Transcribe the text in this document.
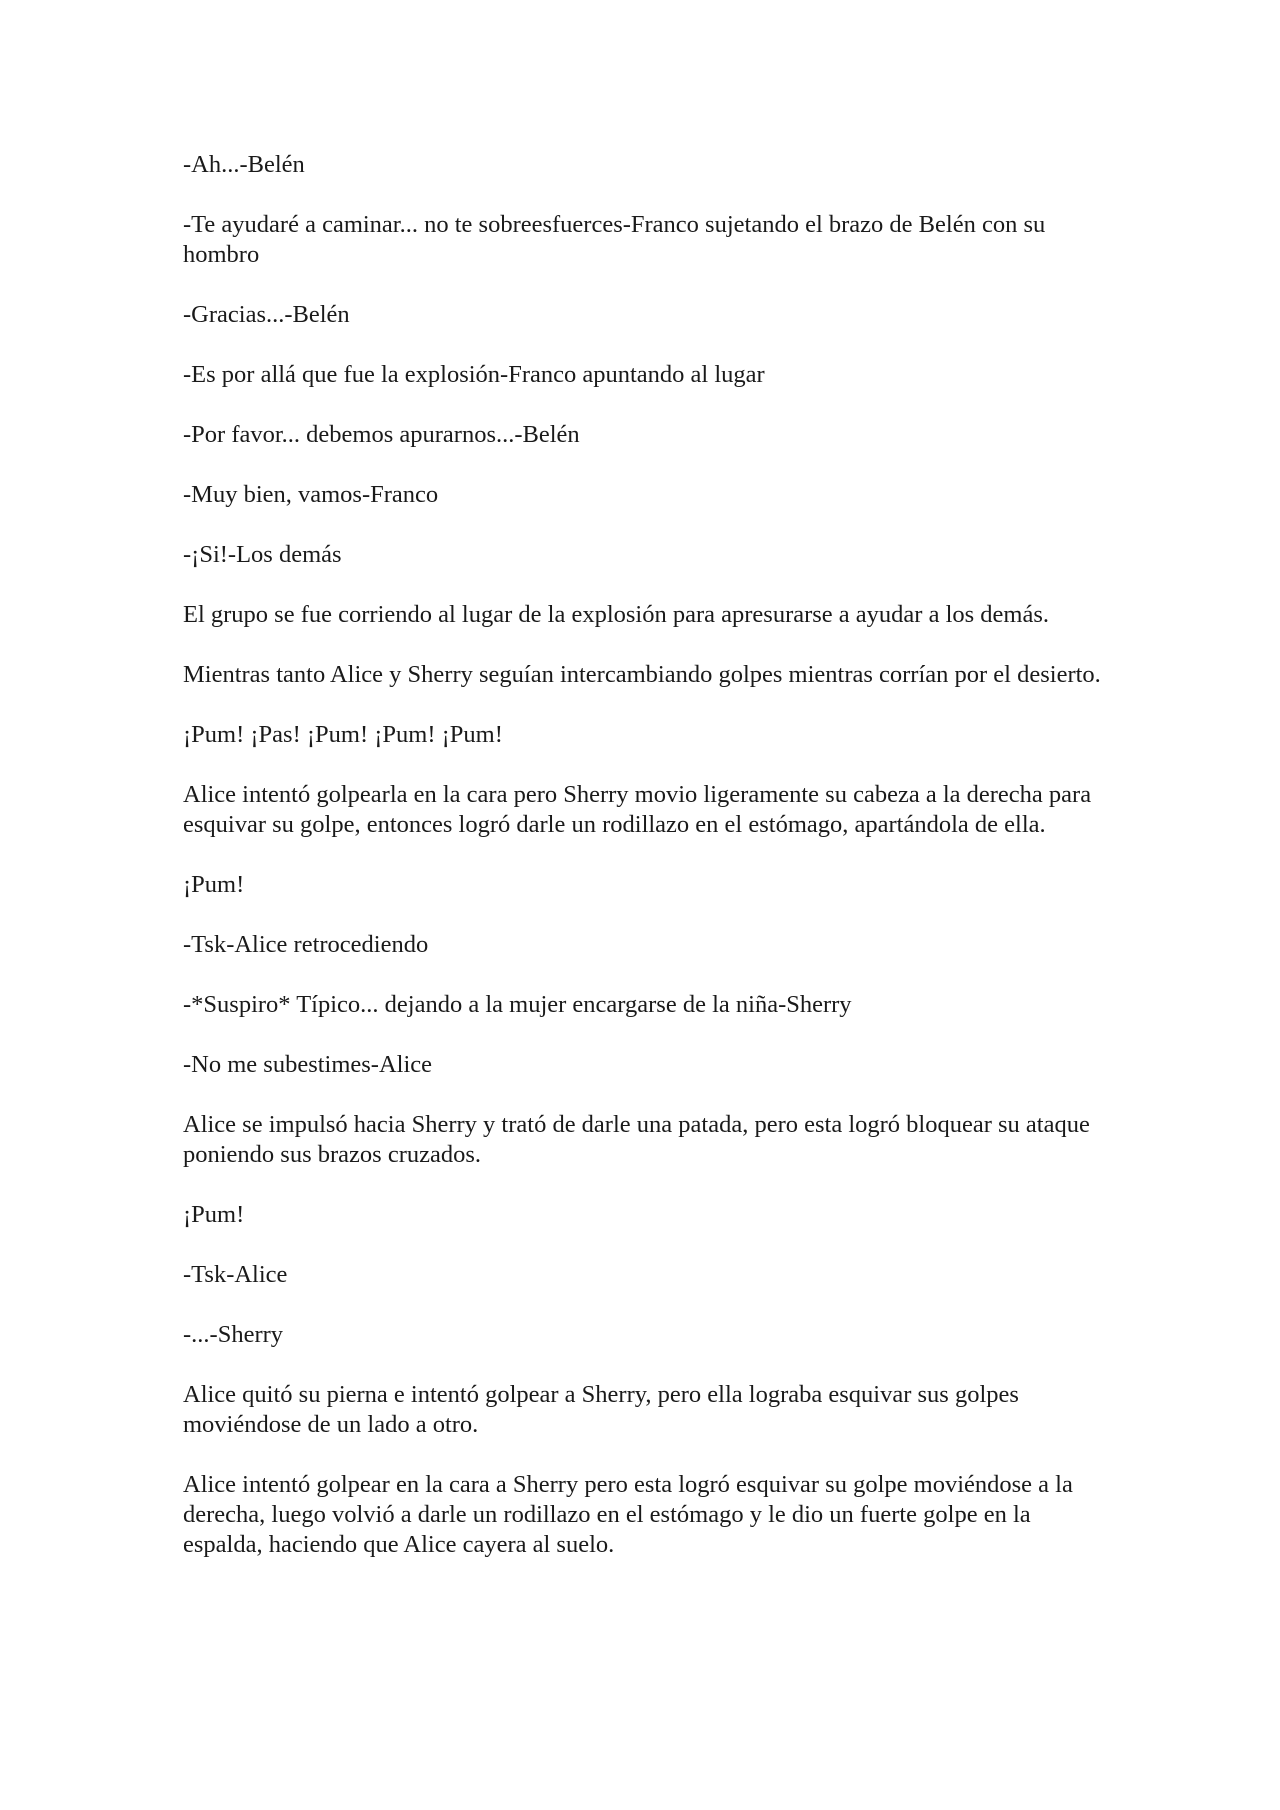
-Ah...-Belén

-Te ayudaré a caminar... no te sobreesfuerces-Franco sujetando el brazo de Belén con su hombro

-Gracias...-Belén

-Es por allá que fue la explosión-Franco apuntando al lugar

-Por favor... debemos apurarnos...-Belén

-Muy bien, vamos-Franco

-¡Si!-Los demás

El grupo se fue corriendo al lugar de la explosión para apresurarse a ayudar a los demás.

Mientras tanto Alice y Sherry seguían intercambiando golpes mientras corrían por el desierto.

¡Pum! ¡Pas! ¡Pum! ¡Pum! ¡Pum!

Alice intentó golpearla en la cara pero Sherry movio ligeramente su cabeza a la derecha para esquivar su golpe, entonces logró darle un rodillazo en el estómago, apartándola de ella.

¡Pum!

-Tsk-Alice retrocediendo

-*Suspiro* Típico... dejando a la mujer encargarse de la niña-Sherry

-No me subestimes-Alice

Alice se impulsó hacia Sherry y trató de darle una patada, pero esta logró bloquear su ataque poniendo sus brazos cruzados.

¡Pum!

-Tsk-Alice

-...-Sherry

Alice quitó su pierna e intentó golpear a Sherry, pero ella lograba esquivar sus golpes moviéndose de un lado a otro.

Alice intentó golpear en la cara a Sherry pero esta logró esquivar su golpe moviéndose a la derecha, luego volvió a darle un rodillazo en el estómago y le dio un fuerte golpe en la espalda, haciendo que Alice cayera al suelo.
